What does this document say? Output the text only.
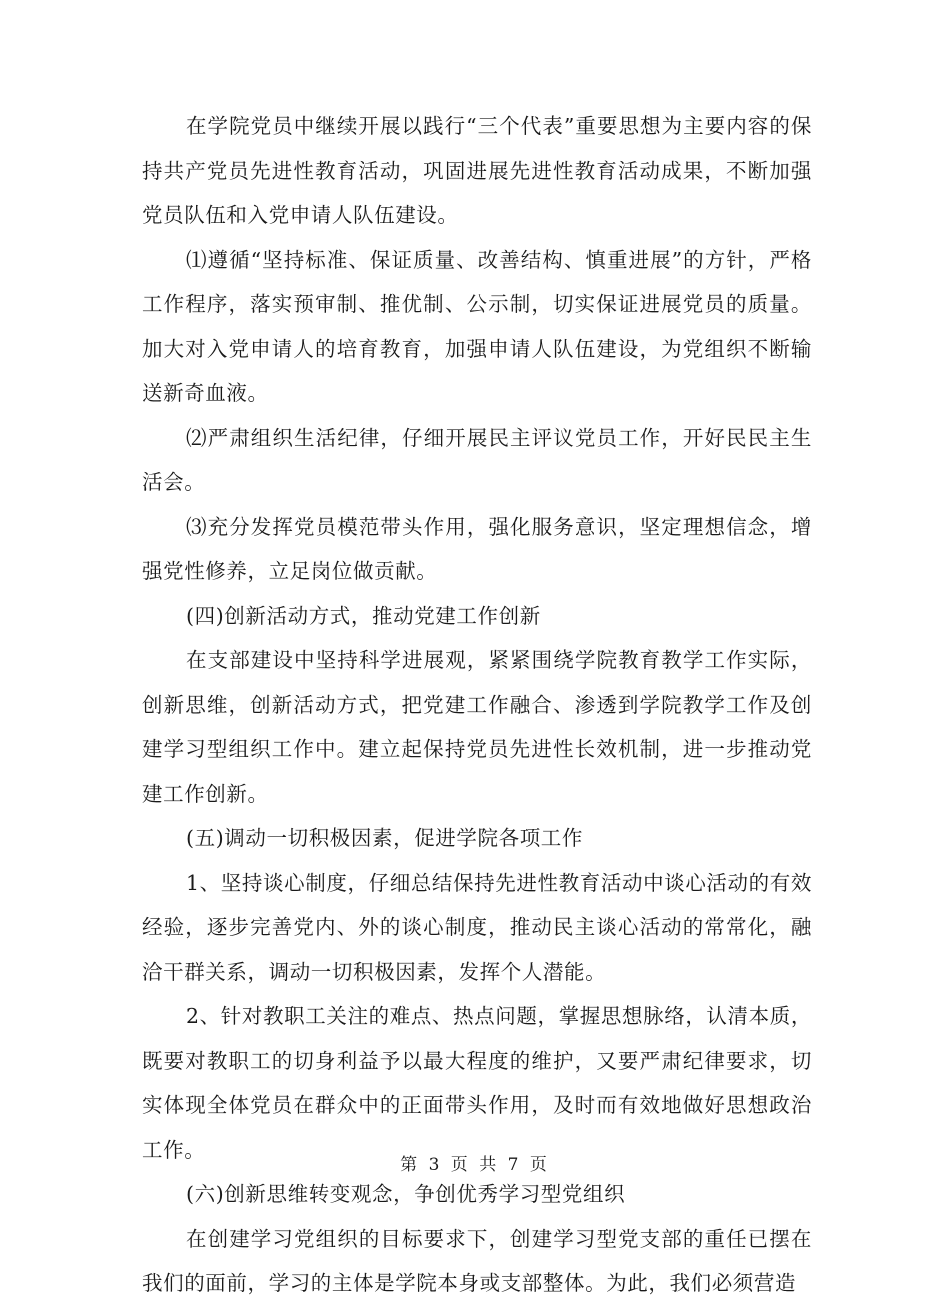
在学院党员中继续开展以践行“三个代表”重要思想为主要内容的保持共产党员先进性教育活动，巩固进展先进性教育活动成果，不断加强党员队伍和入党申请人队伍建设。

⑴遵循“坚持标准、保证质量、改善结构、慎重进展”的方针，严格工作程序，落实预审制、推优制、公示制，切实保证进展党员的质量。加大对入党申请人的培育教育，加强申请人队伍建设，为党组织不断输送新奇血液。

⑵严肃组织生活纪律，仔细开展民主评议党员工作，开好民民主生活会。

⑶充分发挥党员模范带头作用，强化服务意识，坚定理想信念，增强党性修养，立足岗位做贡献。

(四)创新活动方式，推动党建工作创新

在支部建设中坚持科学进展观，紧紧围绕学院教育教学工作实际，创新思维，创新活动方式，把党建工作融合、渗透到学院教学工作及创建学习型组织工作中。建立起保持党员先进性长效机制，进一步推动党建工作创新。

(五)调动一切积极因素，促进学院各项工作

1、坚持谈心制度，仔细总结保持先进性教育活动中谈心活动的有效经验，逐步完善党内、外的谈心制度，推动民主谈心活动的常常化，融洽干群关系，调动一切积极因素，发挥个人潜能。

2、针对教职工关注的难点、热点问题，掌握思想脉络，认清本质，既要对教职工的切身利益予以最大程度的维护，又要严肃纪律要求，切实体现全体党员在群众中的正面带头作用，及时而有效地做好思想政治工作。

(六)创新思维转变观念，争创优秀学习型党组织

在创建学习党组织的目标要求下，创建学习型党支部的重任已摆在我们的面前，学习的主体是学院本身或支部整体。为此，我们必须营造

第 3 页 共 7 页
